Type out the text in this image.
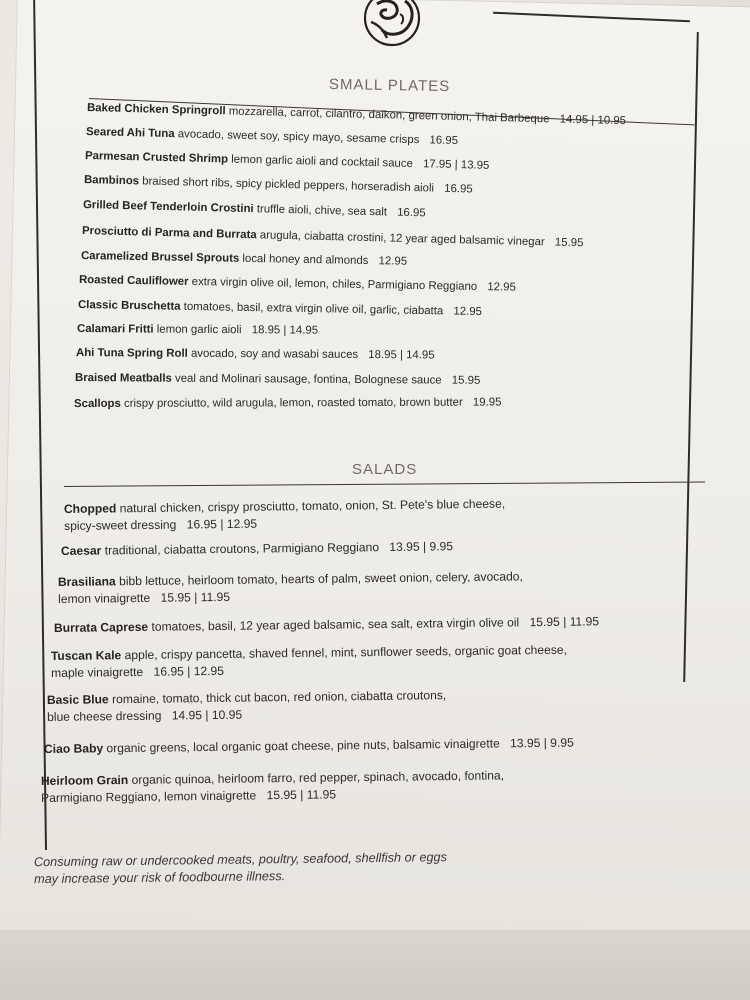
SMALL PLATES
Baked Chicken Springroll mozzarella, carrot, cilantro, daikon, green onion, Thai Barbeque 14.95 | 10.95
Seared Ahi Tuna avocado, sweet soy, spicy mayo, sesame crisps 16.95
Parmesan Crusted Shrimp lemon garlic aioli and cocktail sauce 17.95 | 13.95
Bambinos braised short ribs, spicy pickled peppers, horseradish aioli 16.95
Grilled Beef Tenderloin Crostini truffle aioli, chive, sea salt 16.95
Prosciutto di Parma and Burrata arugula, ciabatta crostini, 12 year aged balsamic vinegar 15.95
Caramelized Brussel Sprouts local honey and almonds 12.95
Roasted Cauliflower extra virgin olive oil, lemon, chiles, Parmigiano Reggiano 12.95
Classic Bruschetta tomatoes, basil, extra virgin olive oil, garlic, ciabatta 12.95
Calamari Fritti lemon garlic aioli 18.95 | 14.95
Ahi Tuna Spring Roll avocado, soy and wasabi sauces 18.95 | 14.95
Braised Meatballs veal and Molinari sausage, fontina, Bolognese sauce 15.95
Scallops crispy prosciutto, wild arugula, lemon, roasted tomato, brown butter 19.95
SALADS
Chopped natural chicken, crispy prosciutto, tomato, onion, St. Pete's blue cheese,
spicy-sweet dressing 16.95 | 12.95
Caesar traditional, ciabatta croutons, Parmigiano Reggiano 13.95 | 9.95
Brasiliana bibb lettuce, heirloom tomato, hearts of palm, sweet onion, celery, avocado,
lemon vinaigrette 15.95 | 11.95
Burrata Caprese tomatoes, basil, 12 year aged balsamic, sea salt, extra virgin olive oil 15.95 | 11.95
Tuscan Kale apple, crispy pancetta, shaved fennel, mint, sunflower seeds, organic goat cheese,
maple vinaigrette 16.95 | 12.95
Basic Blue romaine, tomato, thick cut bacon, red onion, ciabatta croutons,
blue cheese dressing 14.95 | 10.95
Ciao Baby organic greens, local organic goat cheese, pine nuts, balsamic vinaigrette 13.95 | 9.95
Heirloom Grain organic quinoa, heirloom farro, red pepper, spinach, avocado, fontina,
Parmigiano Reggiano, lemon vinaigrette 15.95 | 11.95
Consuming raw or undercooked meats, poultry, seafood, shellfish or eggs
may increase your risk of foodbourne illness.
